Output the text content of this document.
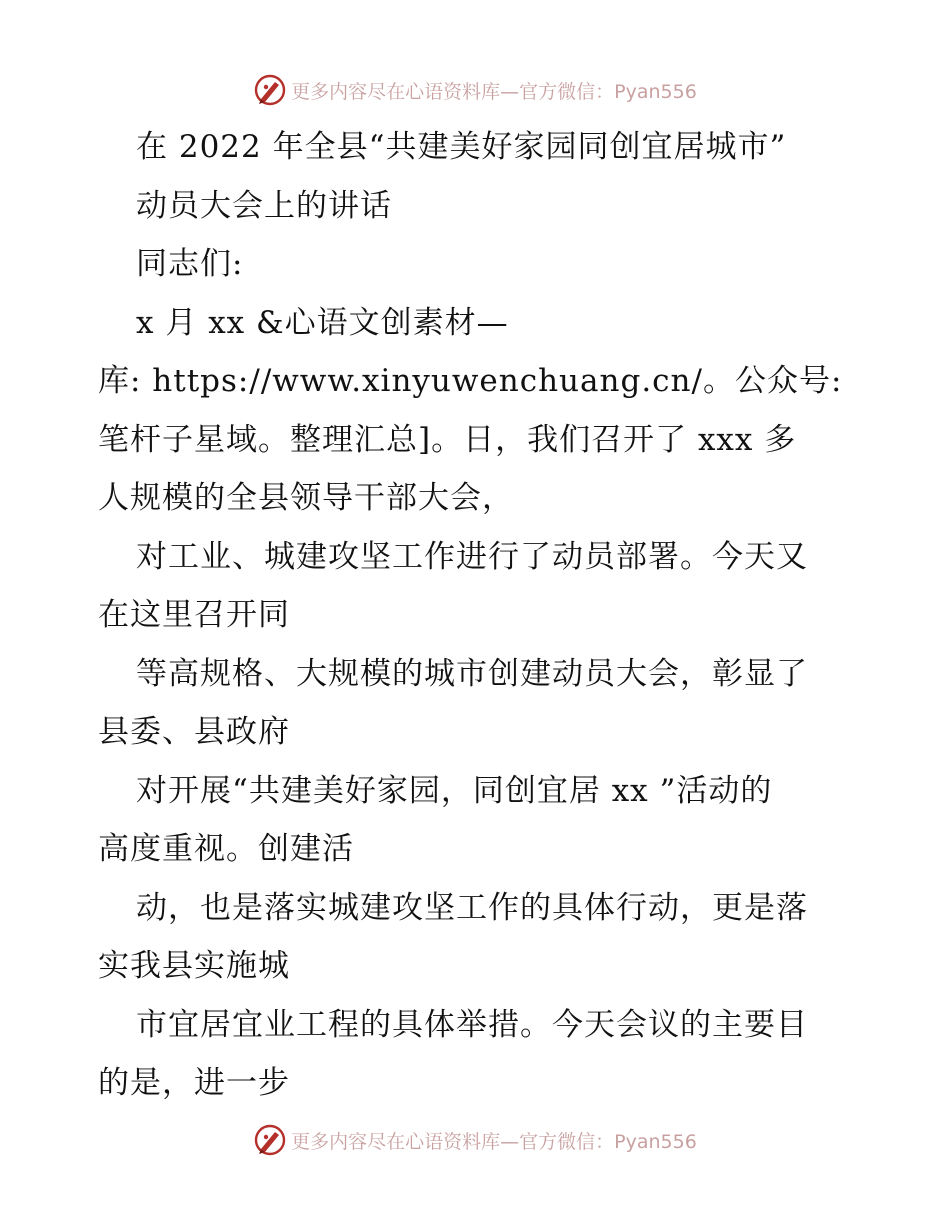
更多内容尽在心语资料库—官方微信：Pyan556
在 2022 年全县“共建美好家园同创宜居城市”
动员大会上的讲话
同志们:
x 月 xx &心语文创素材—
库: https://www.xinyuwenchuang.cn/。公众号:
笔杆子星域。整理汇总]。日，我们召开了 xxx 多
人规模的全县领导干部大会，
对工业、城建攻坚工作进行了动员部署。今天又
在这里召开同
等高规格、大规模的城市创建动员大会，彰显了
县委、县政府
对开展“共建美好家园，同创宜居 xx ”活动的
高度重视。创建活
动，也是落实城建攻坚工作的具体行动，更是落
实我县实施城
市宜居宜业工程的具体举措。今天会议的主要目
的是，进一步
更多内容尽在心语资料库—官方微信：Pyan556
